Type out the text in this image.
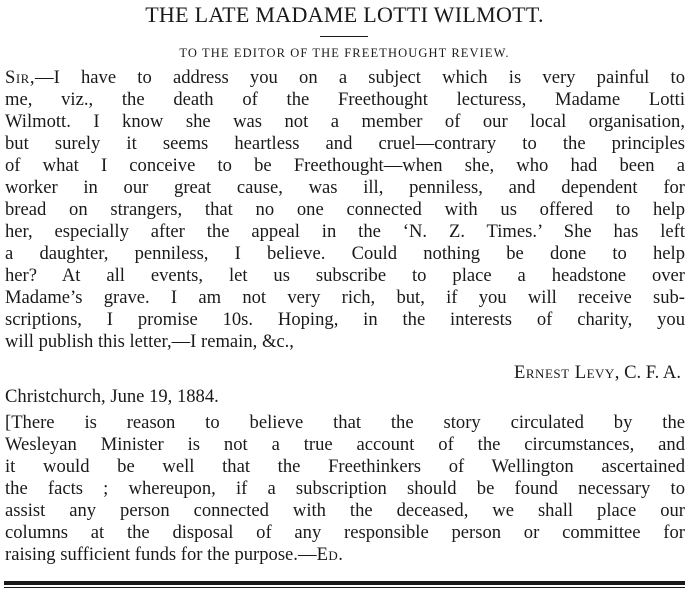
THE LATE MADAME LOTTI WILMOTT.
TO THE EDITOR OF THE FREETHOUGHT REVIEW.
Sir,—I have to address you on a subject which is very painful to
me, viz., the death of the Freethought lecturess, Madame Lotti
Wilmott. I know she was not a member of our local organisation,
but surely it seems heartless and cruel—contrary to the principles
of what I conceive to be Freethought—when she, who had been a
worker in our great cause, was ill, penniless, and dependent for
bread on strangers, that no one connected with us offered to help
her, especially after the appeal in the ‘N. Z. Times.’ She has left
a daughter, penniless, I believe. Could nothing be done to help
her? At all events, let us subscribe to place a headstone over
Madame’s grave. I am not very rich, but, if you will receive sub-
scriptions, I promise 10s. Hoping, in the interests of charity, you
will publish this letter,—I remain, &c.,
Ernest Levy, C. F. A.
Christchurch, June 19, 1884.
[There is reason to believe that the story circulated by the
Wesleyan Minister is not a true account of the circumstances, and
it would be well that the Freethinkers of Wellington ascertained
the facts ; whereupon, if a subscription should be found necessary to
assist any person connected with the deceased, we shall place our
columns at the disposal of any responsible person or committee for
raising sufficient funds for the purpose.—Ed.
